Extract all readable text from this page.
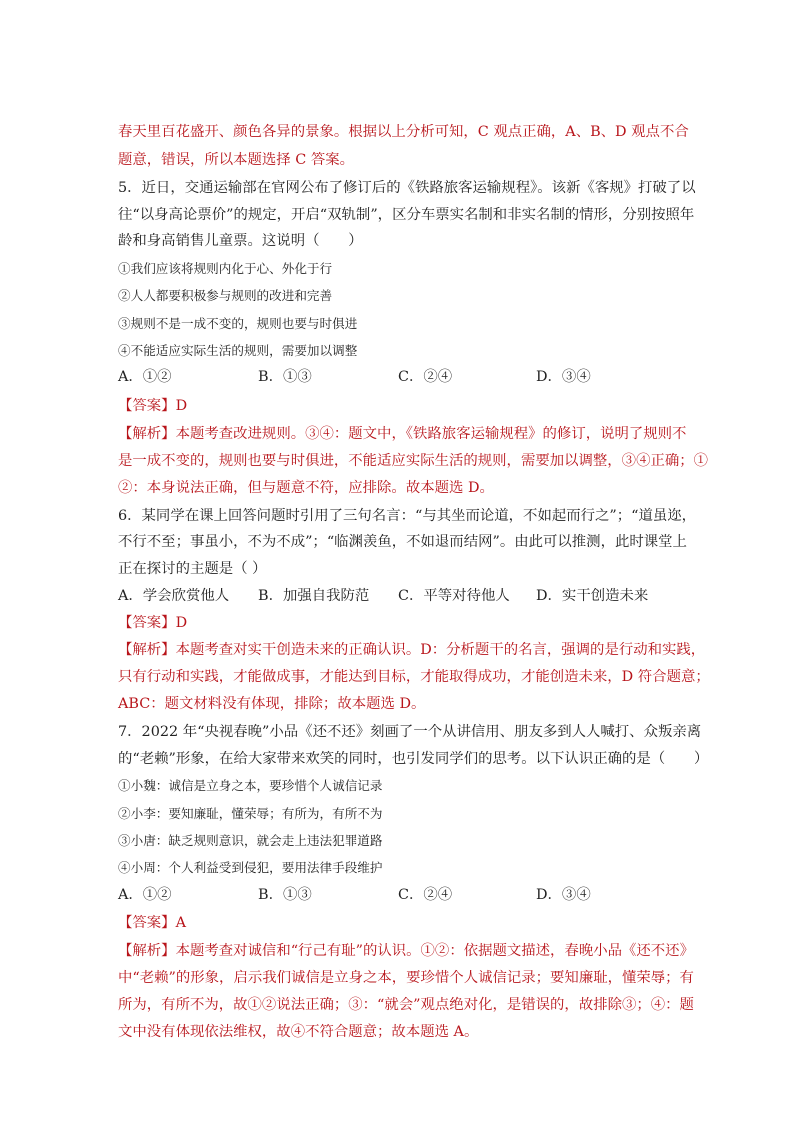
春天里百花盛开、颜色各异的景象。根据以上分析可知，C 观点正确，A、B、D 观点不合
题意，错误，所以本题选择 C 答案。
5．近日，交通运输部在官网公布了修订后的《铁路旅客运输规程》。该新《客规》打破了以
往“以身高论票价”的规定，开启“双轨制”，区分车票实名制和非实名制的情形，分别按照年
龄和身高销售儿童票。这说明（　　）
①我们应该将规则内化于心、外化于行
②人人都要积极参与规则的改进和完善
③规则不是一成不变的，规则也要与时俱进
④不能适应实际生活的规则，需要加以调整
A．①②	B．①③	C．②④	D．③④
【答案】D
【解析】本题考查改进规则。③④：题文中，《铁路旅客运输规程》的修订，说明了规则不
是一成不变的，规则也要与时俱进，不能适应实际生活的规则，需要加以调整，③④正确；①
②：本身说法正确，但与题意不符，应排除。故本题选 D。
6．某同学在课上回答问题时引用了三句名言：“与其坐而论道，不如起而行之”；“道虽迩，
不行不至；事虽小，不为不成”；“临渊羡鱼，不如退而结网”。由此可以推测，此时课堂上
正在探讨的主题是（ ）
A．学会欣赏他人 B．加强自我防范 C．平等对待他人 D．实干创造未来
【答案】D
【解析】本题考查对实干创造未来的正确认识。D：分析题干的名言，强调的是行动和实践，
只有行动和实践，才能做成事，才能达到目标，才能取得成功，才能创造未来，D 符合题意；
ABC：题文材料没有体现，排除；故本题选 D。
7．2022 年“央视春晚”小品《还不还》刻画了一个从讲信用、朋友多到人人喊打、众叛亲离
的“老赖”形象，在给大家带来欢笑的同时，也引发同学们的思考。以下认识正确的是（　　）
①小魏：诚信是立身之本，要珍惜个人诚信记录
②小李：要知廉耻，懂荣辱；有所为，有所不为
③小唐：缺乏规则意识，就会走上违法犯罪道路
④小周：个人利益受到侵犯，要用法律手段维护
A．①②	B．①③	C．②④	D．③④
【答案】A
【解析】本题考查对诚信和“行己有耻”的认识。①②：依据题文描述，春晚小品《还不还》
中“老赖”的形象，启示我们诚信是立身之本，要珍惜个人诚信记录；要知廉耻，懂荣辱；有
所为，有所不为，故①②说法正确；③：“就会”观点绝对化，是错误的，故排除③；④：题
文中没有体现依法维权，故④不符合题意；故本题选 A。
